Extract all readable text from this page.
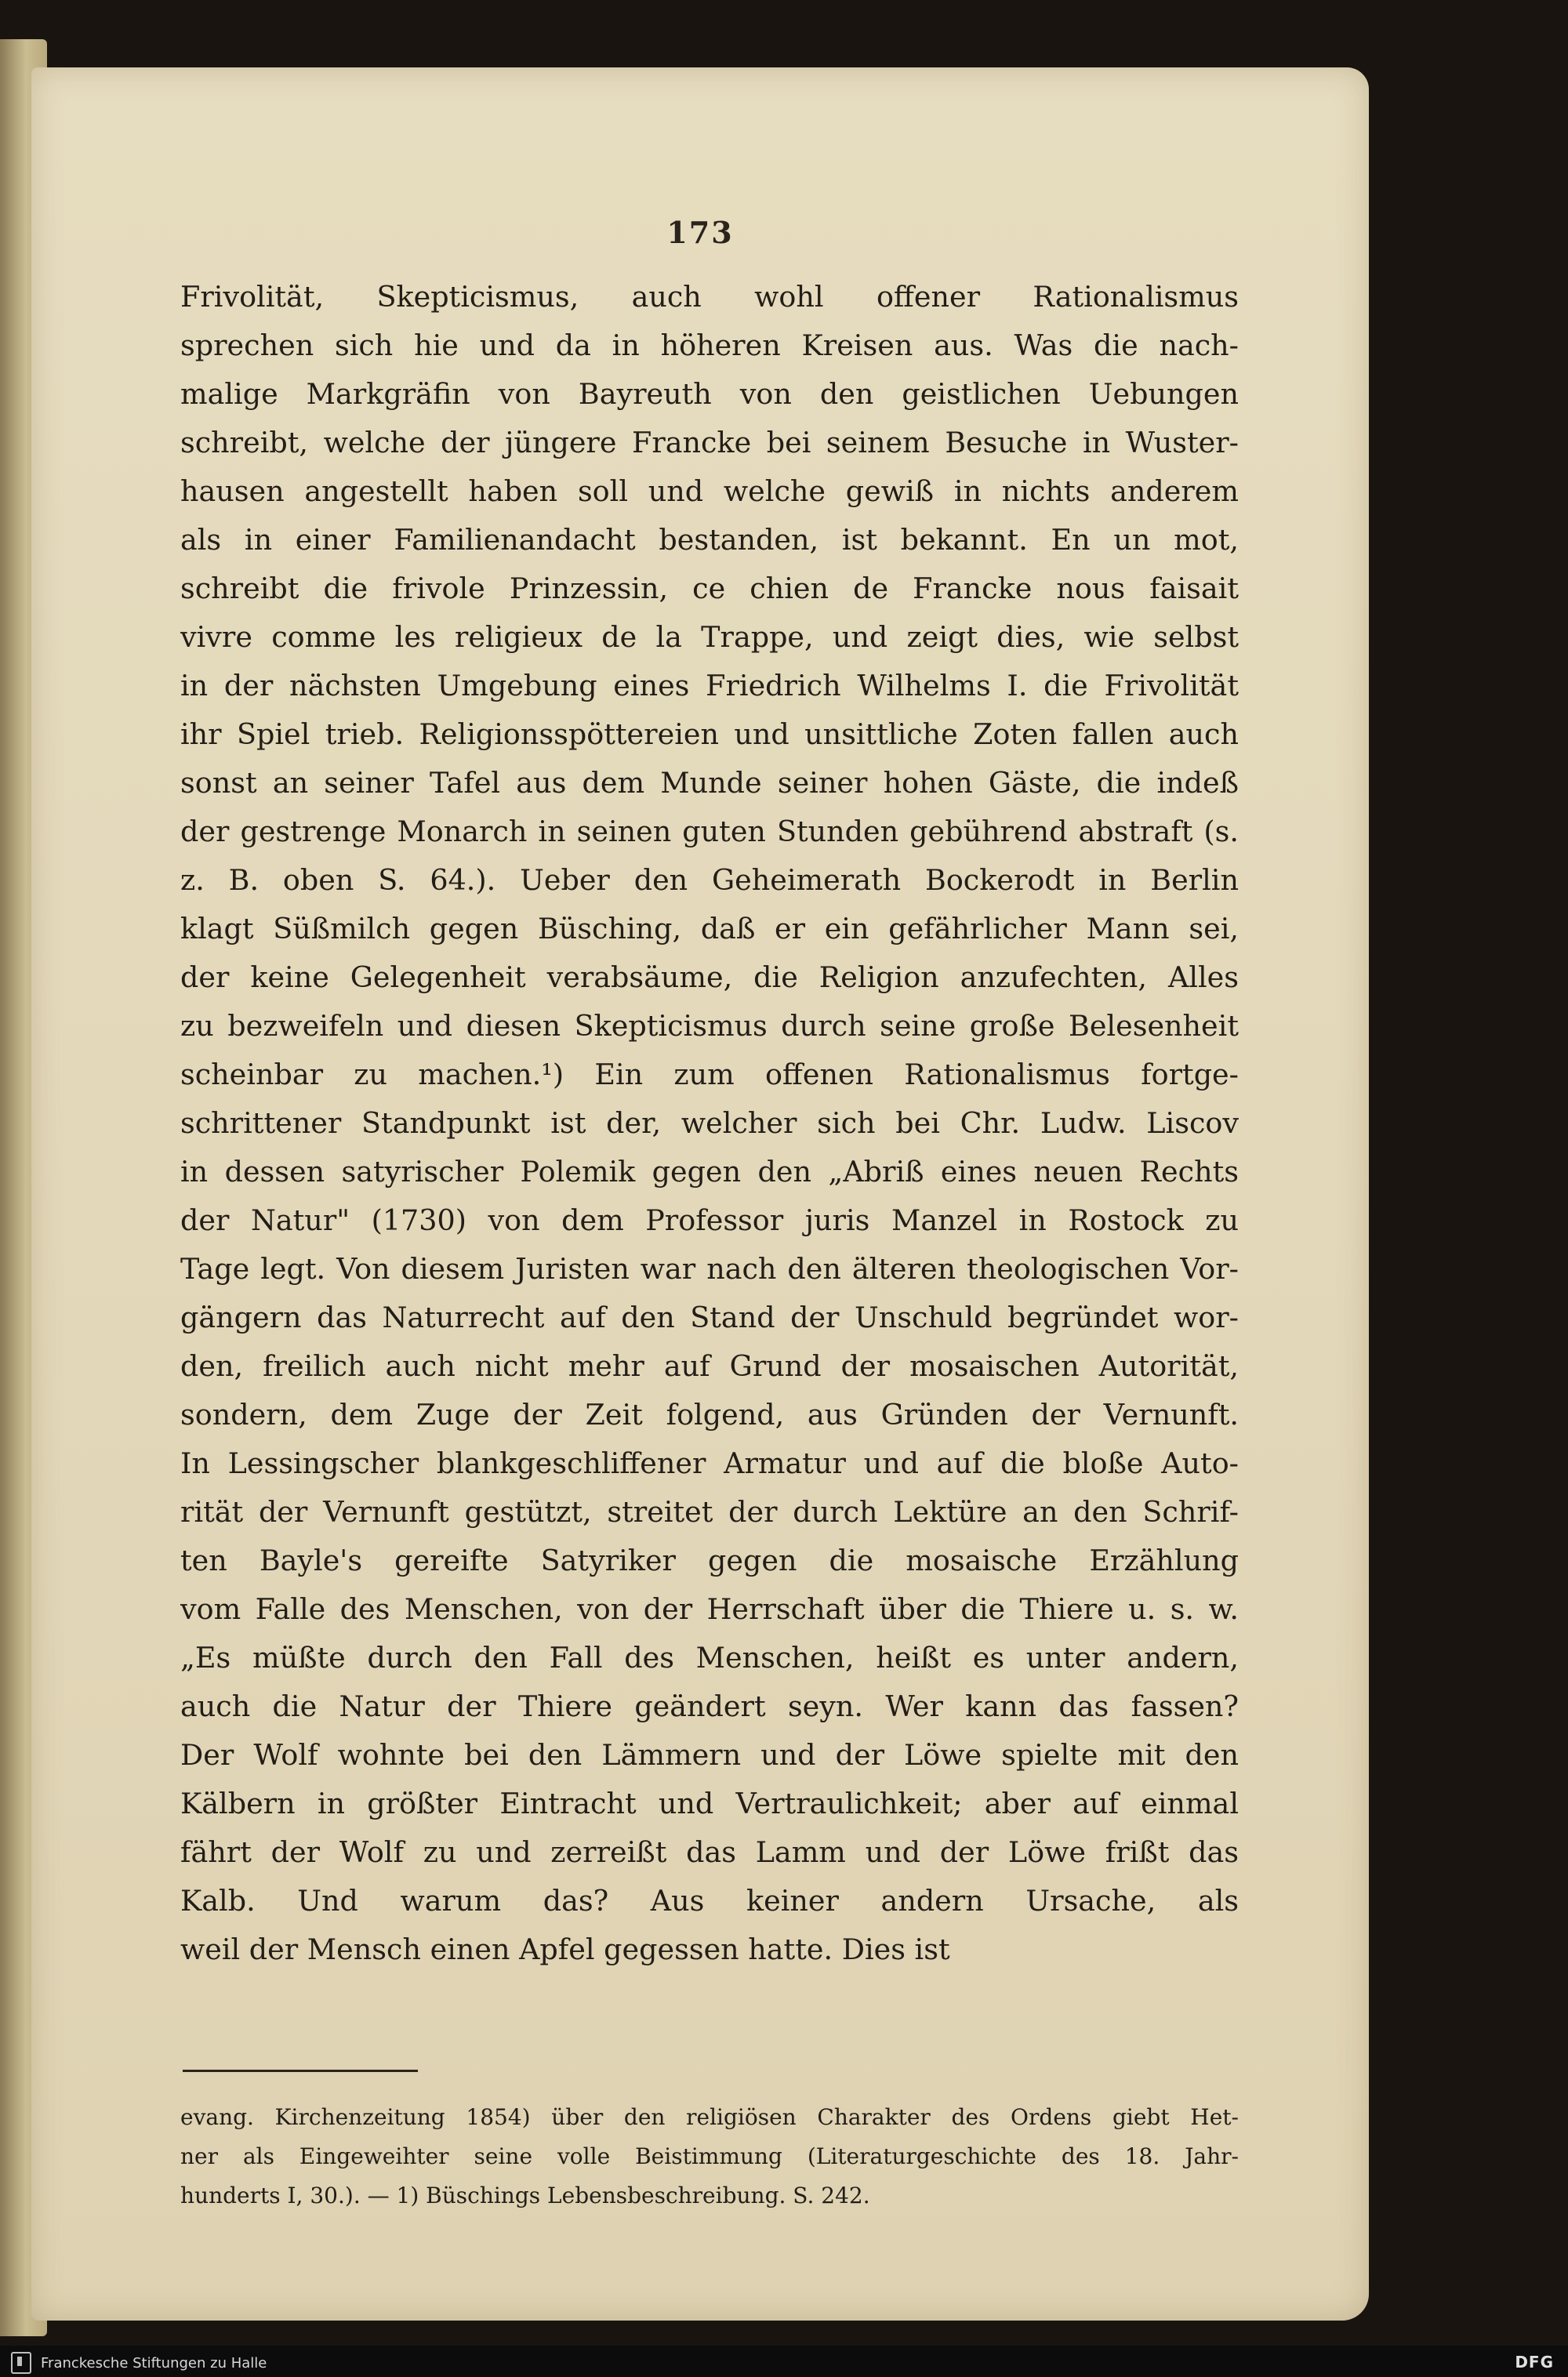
173
Frivolität, Skepticismus, auch wohl offener Rationalismus
sprechen sich hie und da in höheren Kreisen aus. Was die nach-
malige Markgräfin von Bayreuth von den geistlichen Uebungen
schreibt, welche der jüngere Francke bei seinem Besuche in Wuster-
hausen angestellt haben soll und welche gewiß in nichts anderem
als in einer Familienandacht bestanden, ist bekannt. En un mot,
schreibt die frivole Prinzessin, ce chien de Francke nous faisait
vivre comme les religieux de la Trappe, und zeigt dies, wie selbst
in der nächsten Umgebung eines Friedrich Wilhelms I. die Frivolität
ihr Spiel trieb. Religionsspöttereien und unsittliche Zoten fallen auch
sonst an seiner Tafel aus dem Munde seiner hohen Gäste, die indeß
der gestrenge Monarch in seinen guten Stunden gebührend abstraft (s.
z. B. oben S. 64.). Ueber den Geheimerath Bockerodt in Berlin
klagt Süßmilch gegen Büsching, daß er ein gefährlicher Mann sei,
der keine Gelegenheit verabsäume, die Religion anzufechten, Alles
zu bezweifeln und diesen Skepticismus durch seine große Belesenheit
scheinbar zu machen.¹) Ein zum offenen Rationalismus fortge-
schrittener Standpunkt ist der, welcher sich bei Chr. Ludw. Liscov
in dessen satyrischer Polemik gegen den „Abriß eines neuen Rechts
der Natur" (1730) von dem Professor juris Manzel in Rostock zu
Tage legt. Von diesem Juristen war nach den älteren theologischen Vor-
gängern das Naturrecht auf den Stand der Unschuld begründet wor-
den, freilich auch nicht mehr auf Grund der mosaischen Autorität,
sondern, dem Zuge der Zeit folgend, aus Gründen der Vernunft.
In Lessingscher blankgeschliffener Armatur und auf die bloße Auto-
rität der Vernunft gestützt, streitet der durch Lektüre an den Schrif-
ten Bayle's gereifte Satyriker gegen die mosaische Erzählung
vom Falle des Menschen, von der Herrschaft über die Thiere u. s. w.
„Es müßte durch den Fall des Menschen, heißt es unter andern,
auch die Natur der Thiere geändert seyn. Wer kann das fassen?
Der Wolf wohnte bei den Lämmern und der Löwe spielte mit den
Kälbern in größter Eintracht und Vertraulichkeit; aber auf einmal
fährt der Wolf zu und zerreißt das Lamm und der Löwe frißt das
Kalb. Und warum das? Aus keiner andern Ursache, als
weil der Mensch einen Apfel gegessen hatte. Dies ist
evang. Kirchenzeitung 1854) über den religiösen Charakter des Ordens giebt Het-
ner als Eingeweihter seine volle Beistimmung (Literaturgeschichte des 18. Jahr-
hunderts I, 30.). — 1) Büschings Lebensbeschreibung. S. 242.
Franckesche Stiftungen zu Halle	DFG
